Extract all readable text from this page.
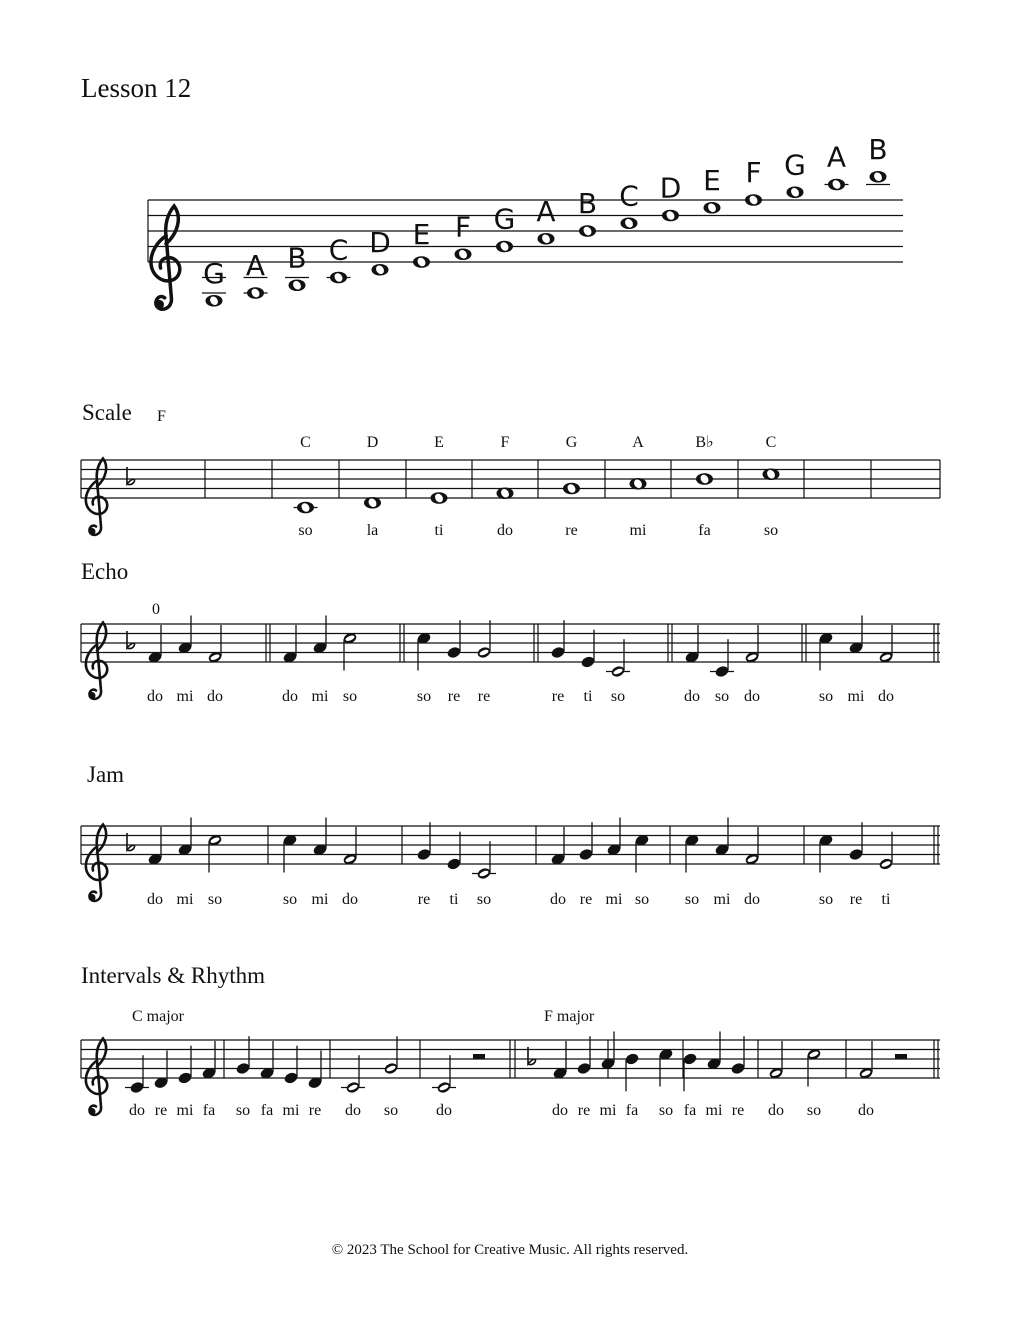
Lesson 12
G A B C D E F G A B C D E F G A B
Scale F
C
so
D
la
E
ti
F
do
G
re
A
mi
B♭
fa
C
so
Echo
0
do mi do	do mi so	so re re	re ti so	do so do	so mi do
Jam
do mi so	so mi do	re ti so	do re mi so so mi do	so re ti
Intervals & Rhythm
C major	F major
do re mi fa so fa mi re do so do	do re mi fa so fa mi re do so do
© 2023 The School for Creative Music. All rights reserved.
